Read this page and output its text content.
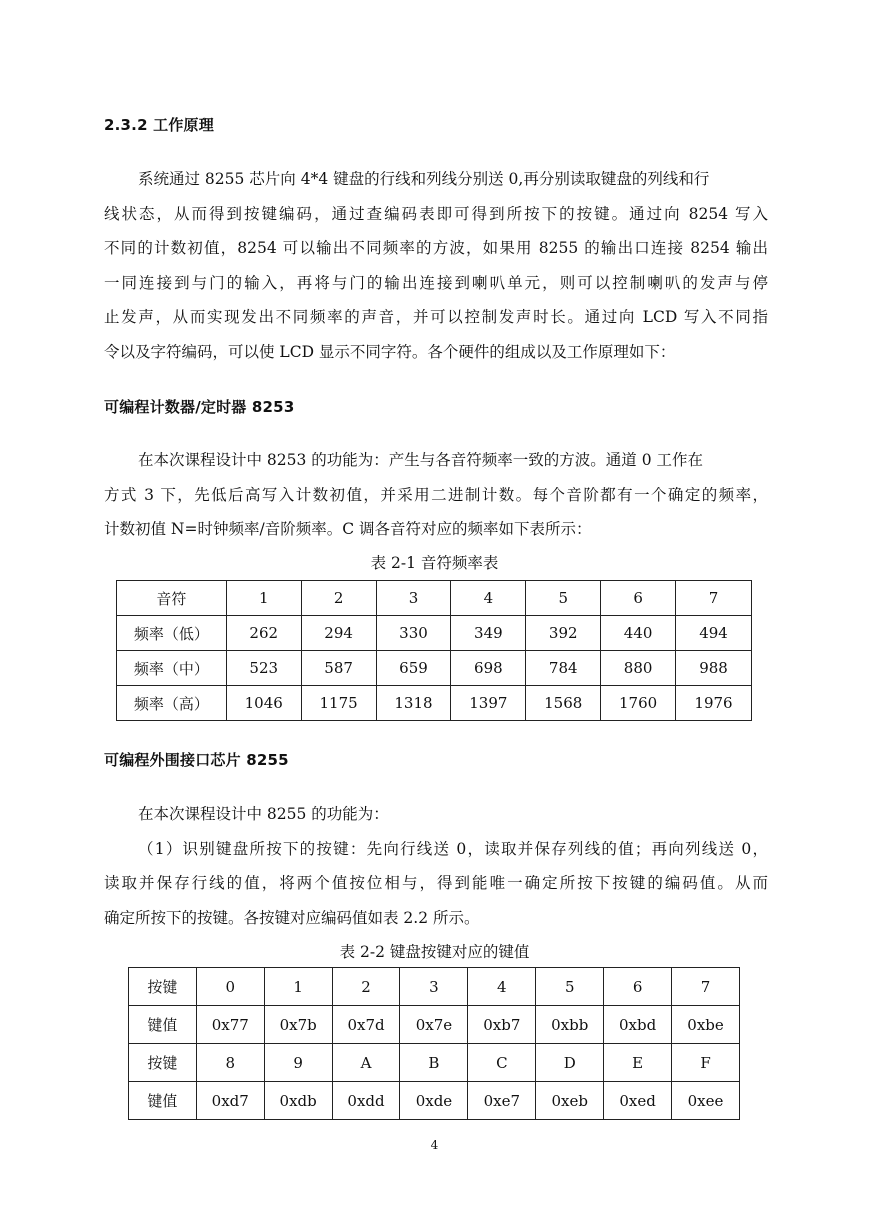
2.3.2 工作原理
系统通过 8255 芯片向 4*4 键盘的行线和列线分别送 0,再分别读取键盘的列线和行
线状态，从而得到按键编码，通过查编码表即可得到所按下的按键。通过向 8254 写入
不同的计数初值，8254 可以输出不同频率的方波，如果用 8255 的输出口连接 8254 输出
一同连接到与门的输入，再将与门的输出连接到喇叭单元，则可以控制喇叭的发声与停
止发声，从而实现发出不同频率的声音，并可以控制发声时长。通过向 LCD 写入不同指
令以及字符编码，可以使 LCD 显示不同字符。各个硬件的组成以及工作原理如下：
可编程计数器/定时器 8253
在本次课程设计中 8253 的功能为：产生与各音符频率一致的方波。通道 0 工作在
方式 3 下，先低后高写入计数初值，并采用二进制计数。每个音阶都有一个确定的频率，
计数初值 N=时钟频率/音阶频率。C 调各音符对应的频率如下表所示：
表 2-1 音符频率表
音符	1	2	3	4	5	6	7
频率（低）	262	294	330	349	392	440	494
频率（中）	523	587	659	698	784	880	988
频率（高）	1046	1175	1318	1397	1568	1760	1976
可编程外围接口芯片 8255
在本次课程设计中 8255 的功能为：
（1）识别键盘所按下的按键：先向行线送 0，读取并保存列线的值；再向列线送 0，
读取并保存行线的值，将两个值按位相与，得到能唯一确定所按下按键的编码值。从而
确定所按下的按键。各按键对应编码值如表 2.2 所示。
表 2-2 键盘按键对应的键值
按键	0	1	2	3	4	5	6	7
键值	0x77	0x7b	0x7d	0x7e	0xb7	0xbb	0xbd	0xbe
按键	8	9	A	B	C	D	E	F
键值	0xd7	0xdb	0xdd	0xde	0xe7	0xeb	0xed	0xee
4
